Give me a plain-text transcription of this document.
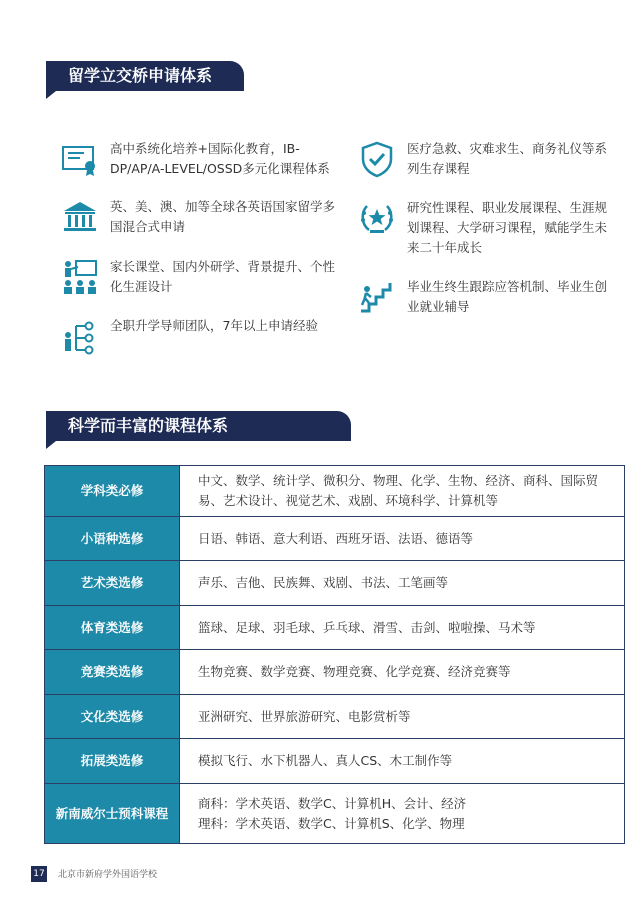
留学立交桥申请体系
高中系统化培养+国际化教育，IB-DP/AP/A-LEVEL/OSSD多元化课程体系
英、美、澳、加等全球各英语国家留学多国混合式申请
家长课堂、国内外研学、背景提升、个性化生涯设计
全职升学导师团队，7年以上申请经验
医疗急救、灾难求生、商务礼仪等系列生存课程
研究性课程、职业发展课程、生涯规划课程、大学研习课程，赋能学生未来二十年成长
毕业生终生跟踪应答机制、毕业生创业就业辅导
科学而丰富的课程体系
学科类必修	中文、数学、统计学、微积分、物理、化学、生物、经济、商科、国际贸易、艺术设计、视觉艺术、戏剧、环境科学、计算机等
小语种选修	日语、韩语、意大利语、西班牙语、法语、德语等
艺术类选修	声乐、吉他、民族舞、戏剧、书法、工笔画等
体育类选修	篮球、足球、羽毛球、乒乓球、滑雪、击剑、啦啦操、马术等
竞赛类选修	生物竞赛、数学竞赛、物理竞赛、化学竞赛、经济竞赛等
文化类选修	亚洲研究、世界旅游研究、电影赏析等
拓展类选修	模拟飞行、水下机器人、真人CS、木工制作等
新南威尔士预科课程	商科：学术英语、数学C、计算机H、会计、经济
理科：学术英语、数学C、计算机S、化学、物理
17 北京市新府学外国语学校
